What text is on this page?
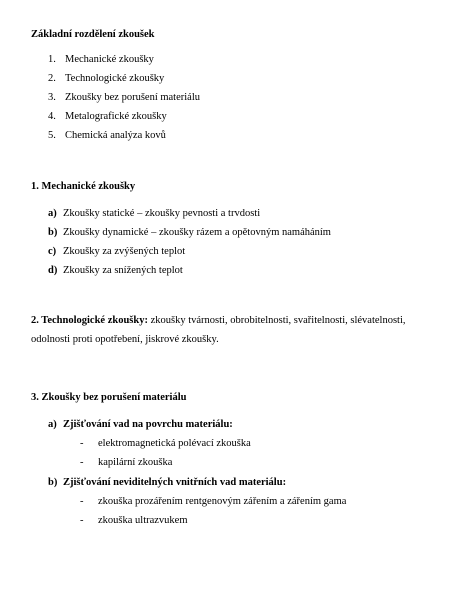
Základní rozdělení zkoušek
1. Mechanické zkoušky
2. Technologické zkoušky
3. Zkoušky bez porušení materiálu
4. Metalografické zkoušky
5. Chemická analýza kovů
1. Mechanické zkoušky
a) Zkoušky statické – zkoušky pevnosti a trvdosti
b) Zkoušky dynamické – zkoušky rázem a opětovným namáháním
c) Zkoušky za zvýšených teplot
d) Zkoušky za snížených teplot
2. Technologické zkoušky: zkoušky tvárnosti, obrobitelnosti, svařitelnosti, slévatelnosti,
odolnosti proti opotřebení, jiskrové zkoušky.
3. Zkoušky bez porušení materiálu
a) Zjišťování vad na povrchu materiálu:
- elektromagnetická polévací zkouška
- kapilární zkouška
b) Zjišťování neviditelných vnitřních vad materiálu:
- zkouška prozářením rentgenovým zářením a zářením gama
- zkouška ultrazvukem
